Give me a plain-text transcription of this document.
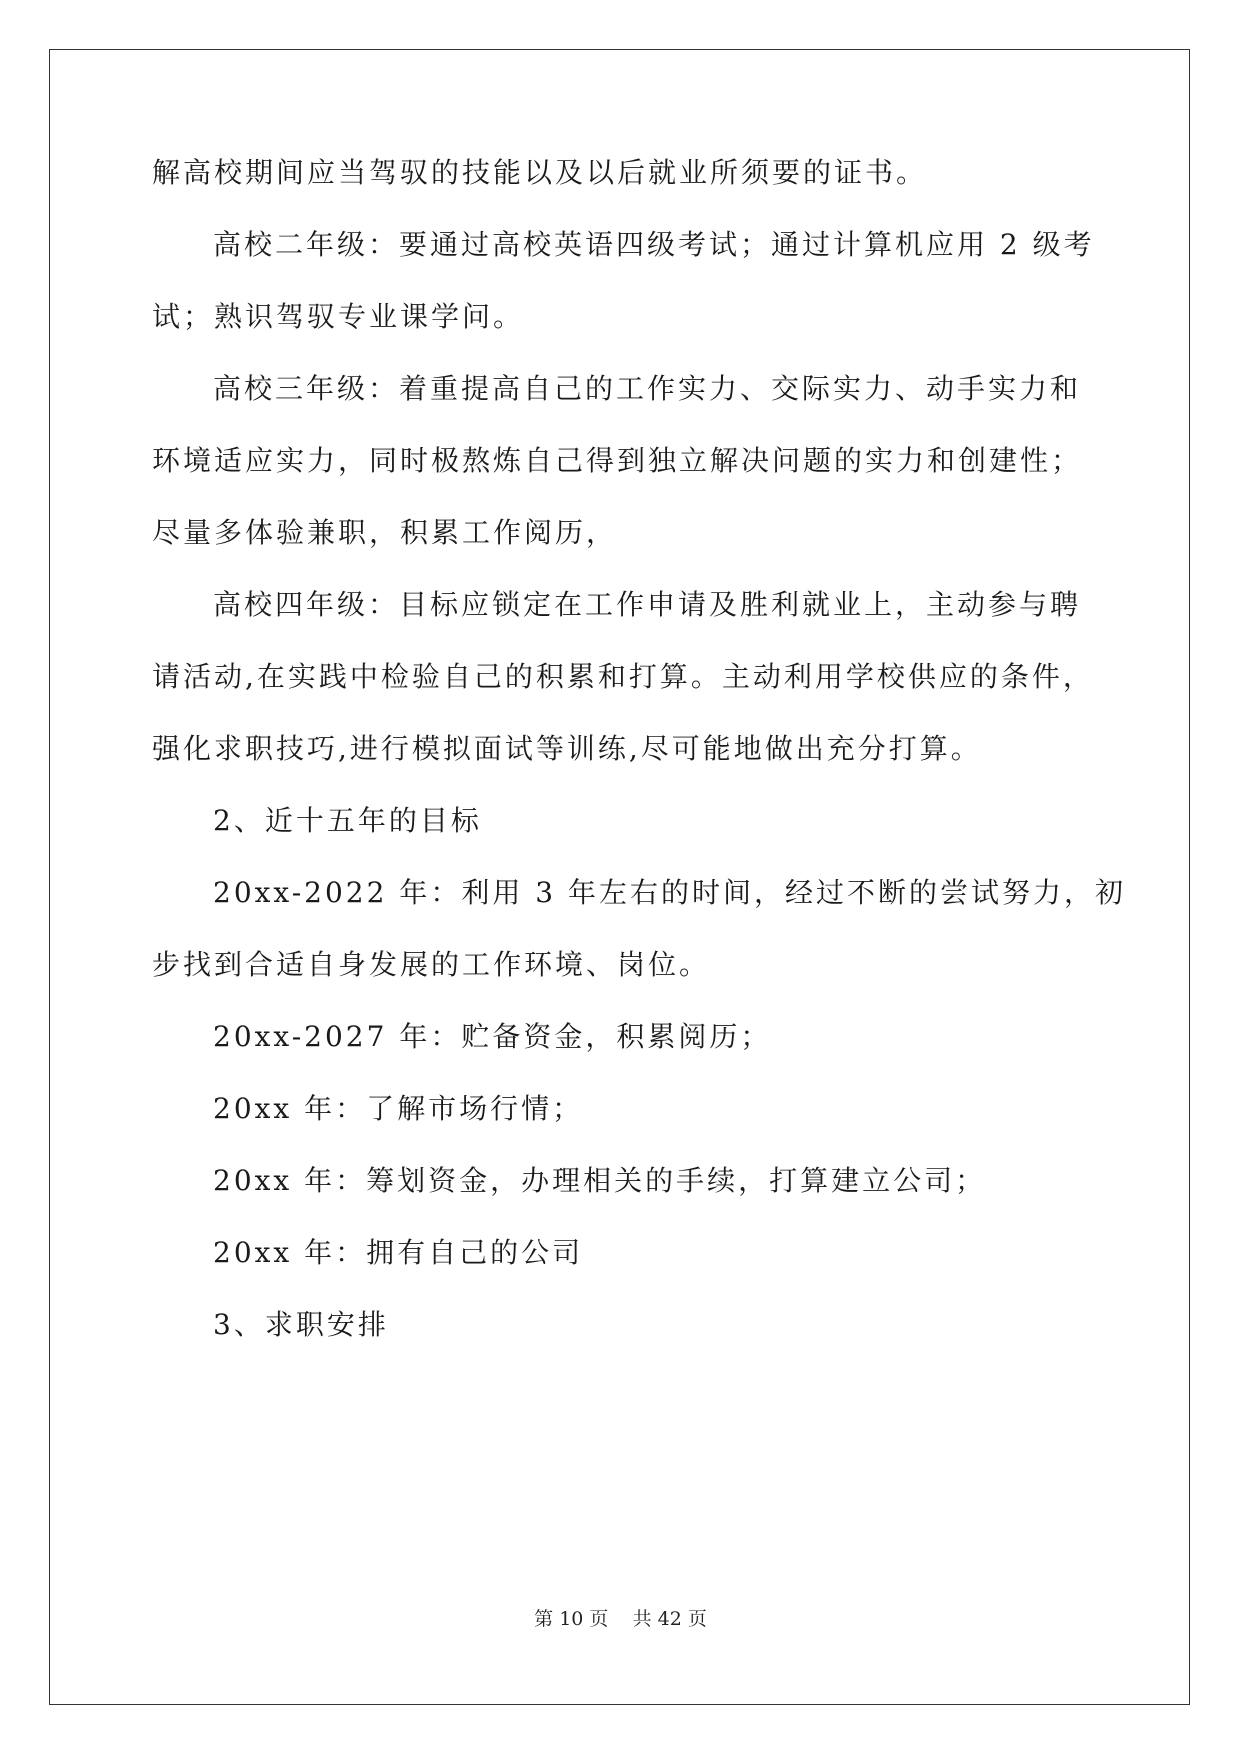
解高校期间应当驾驭的技能以及以后就业所须要的证书。
高校二年级：要通过高校英语四级考试；通过计算机应用 2 级考
试；熟识驾驭专业课学问。
高校三年级：着重提高自己的工作实力、交际实力、动手实力和
环境适应实力，同时极熬炼自己得到独立解决问题的实力和创建性；
尽量多体验兼职，积累工作阅历，
高校四年级：目标应锁定在工作申请及胜利就业上，主动参与聘
请活动,在实践中检验自己的积累和打算。主动利用学校供应的条件，
强化求职技巧,进行模拟面试等训练,尽可能地做出充分打算。
2、近十五年的目标
20xx-2022 年：利用 3 年左右的时间，经过不断的尝试努力，初
步找到合适自身发展的工作环境、岗位。
20xx-2027 年：贮备资金，积累阅历；
20xx 年：了解市场行情；
20xx 年：筹划资金，办理相关的手续，打算建立公司；
20xx 年：拥有自己的公司
3、求职安排
第 10 页    共 42 页
